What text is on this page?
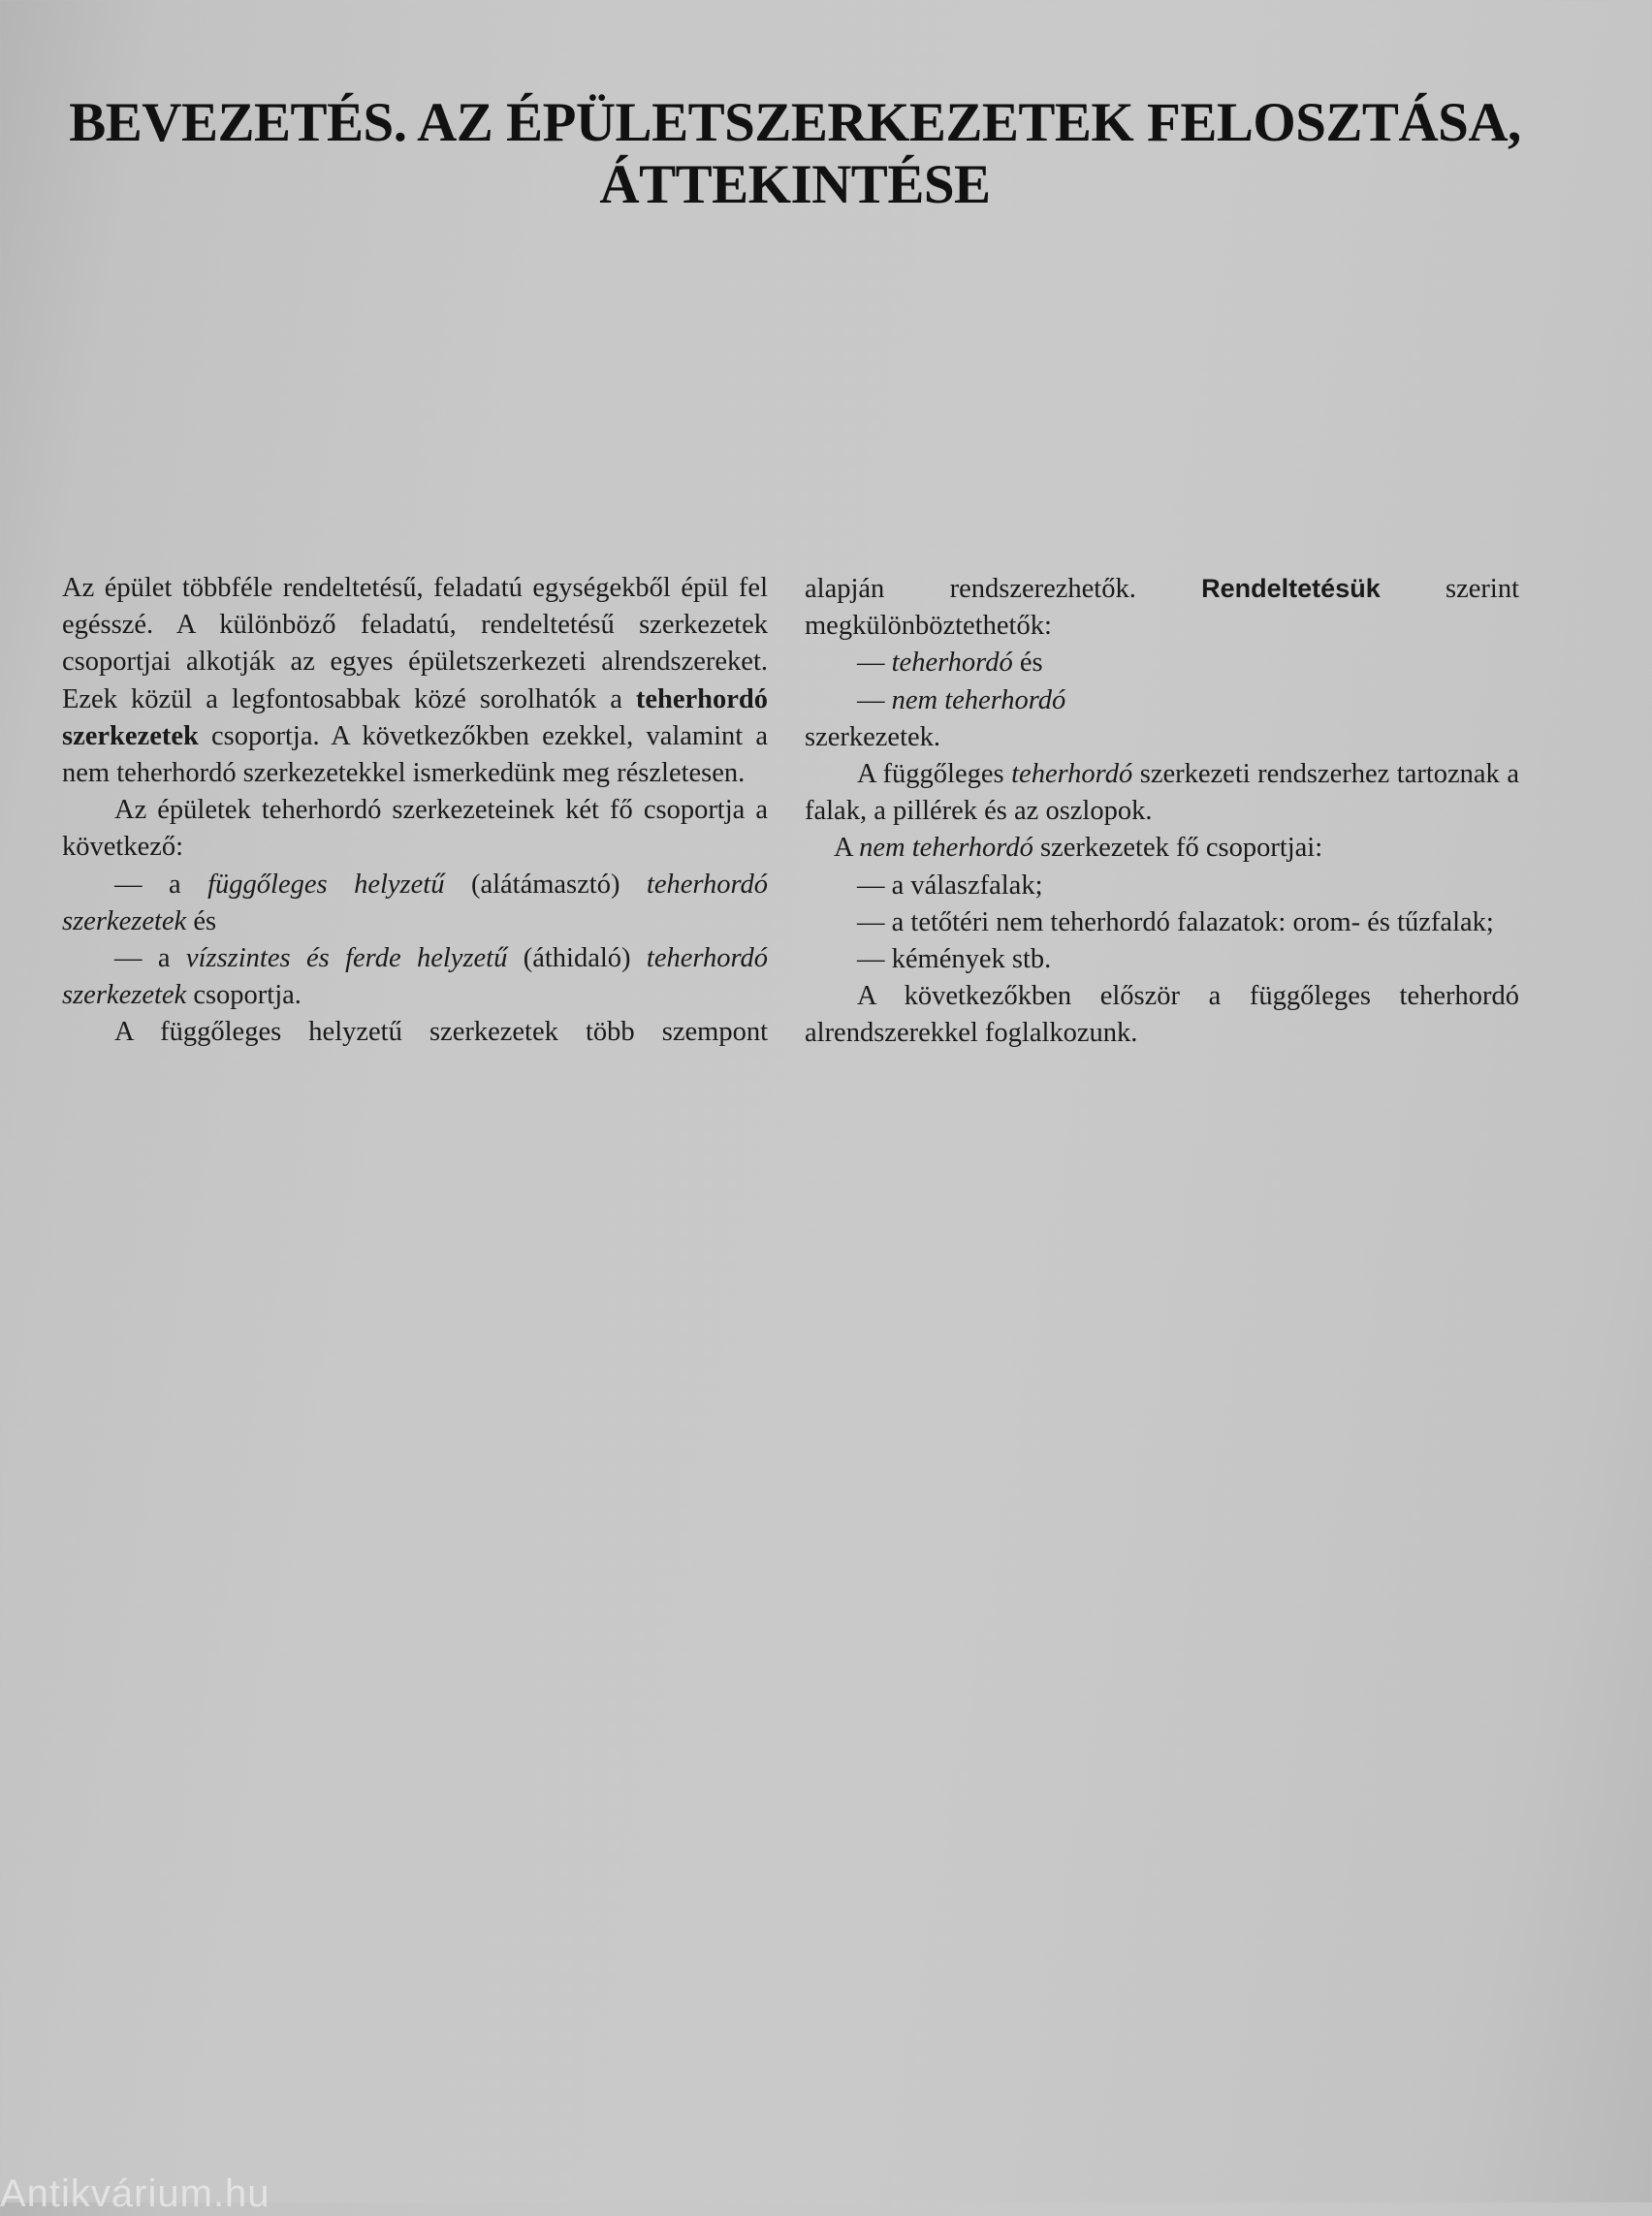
BEVEZETÉS. AZ ÉPÜLETSZERKEZETEK FELOSZTÁSA,
ÁTTEKINTÉSE

Az épület többféle rendeltetésű, feladatú egységekből épül fel egésszé. A különböző feladatú, rendeltetésű szerkezetek csoportjai alkotják az egyes épületszerkezeti alrendszereket. Ezek közül a legfontosabbak közé sorolhatók a teherhordó szerkezetek csoportja. A következőkben ezekkel, valamint a nem teherhordó szerkezetekkel ismerkedünk meg részletesen.

Az épületek teherhordó szerkezeteinek két fő csoportja a következő:

— a függőleges helyzetű (alátámasztó) teherhordó szerkezetek és

— a vízszintes és ferde helyzetű (áthidaló) teherhordó szerkezetek csoportja.

A függőleges helyzetű szerkezetek több szempont

alapján rendszerezhetők. Rendeltetésük szerint megkülönböztethetők:

— teherhordó és

— nem teherhordó

szerkezetek.

A függőleges teherhordó szerkezeti rendszerhez tartoznak a falak, a pillérek és az oszlopok.

A nem teherhordó szerkezetek fő csoportjai:

— a válaszfalak;

— a tetőtéri nem teherhordó falazatok: orom- és tűzfalak;

— kémények stb.

A következőkben először a függőleges teherhordó alrendszerekkel foglalkozunk.

Antikvárium.hu
